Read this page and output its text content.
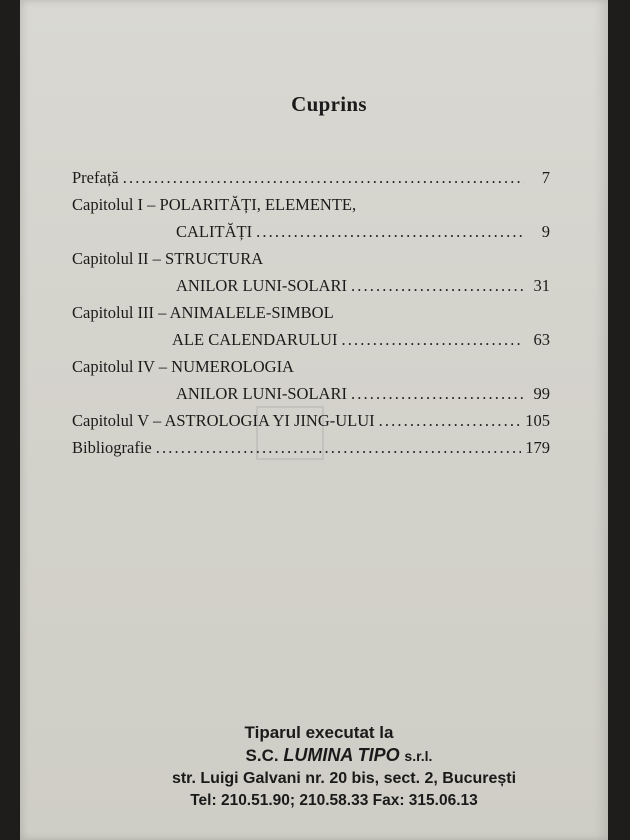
Cuprins
Prefață . . .	7
Capitolul I – POLARITĂȚI, ELEMENTE,
CALITĂȚI . . .	9
Capitolul II – STRUCTURA
ANILOR LUNI-SOLARI . . .	31
Capitolul III – ANIMALELE-SIMBOL
ALE CALENDARULUI . . .	63
Capitolul IV – NUMEROLOGIA
ANILOR LUNI-SOLARI . . .	99
Capitolul V – ASTROLOGIA YI JING-ULUI . . .	105
Bibliografie . . .	179
Tiparul executat la
S.C. LUMINA TIPO s.r.l.
str. Luigi Galvani nr. 20 bis, sect. 2, București
Tel: 210.51.90; 210.58.33 Fax: 315.06.13
